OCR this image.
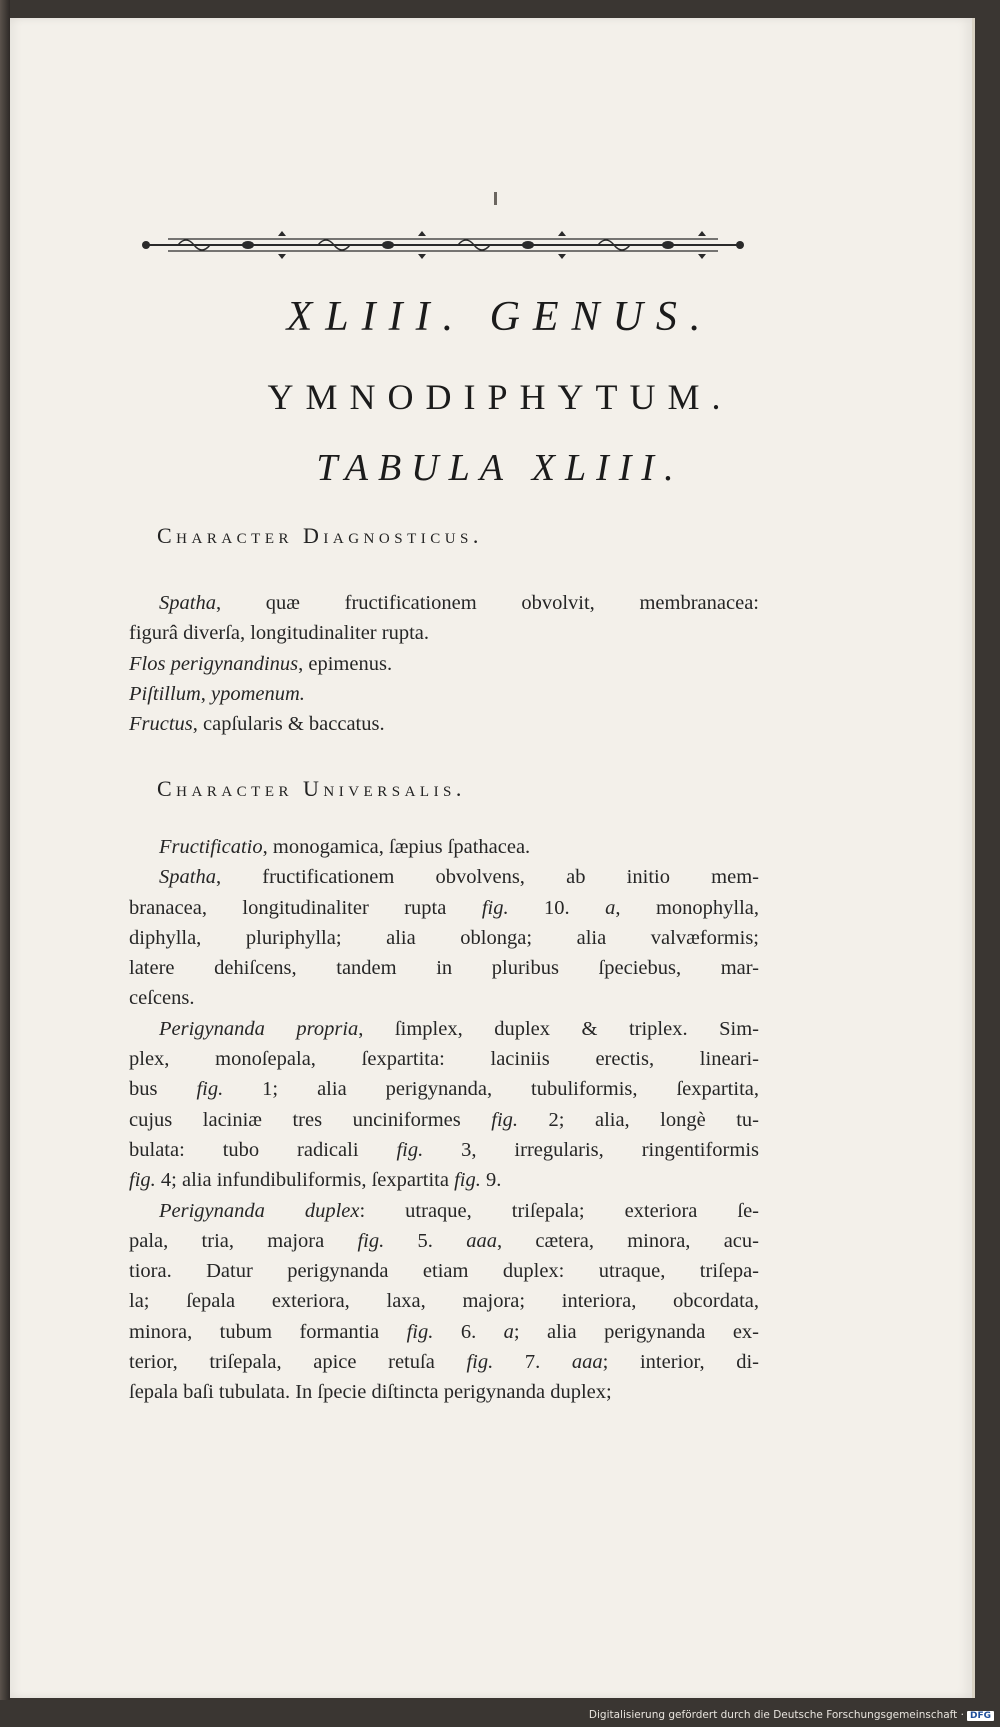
XLIII. GENUS.
YMNODIPHYTUM.
TABULA XLIII.
Character Diagnosticus.
Spatha, quæ fructificationem obvolvit, membranacea:
figurâ diverſa, longitudinaliter rupta.
Flos perigynandinus, epimenus.
Piſtillum, ypomenum.
Fructus, capſularis & baccatus.
Character Universalis.
Fructificatio, monogamica, ſæpius ſpathacea.
Spatha, fructificationem obvolvens, ab initio mem-
branacea, longitudinaliter rupta fig. 10. a, monophylla,
diphylla, pluriphylla; alia oblonga; alia valvæformis;
latere dehiſcens, tandem in pluribus ſpeciebus, mar-
ceſcens.
Perigynanda propria, ſimplex, duplex & triplex. Sim-
plex, monoſepala, ſexpartita: laciniis erectis, lineari-
bus fig. 1; alia perigynanda, tubuliformis, ſexpartita,
cujus laciniæ tres unciniformes fig. 2; alia, longè tu-
bulata: tubo radicali fig. 3, irregularis, ringentiformis
fig. 4; alia infundibuliformis, ſexpartita fig. 9.
Perigynanda duplex: utraque, triſepala; exteriora ſe-
pala, tria, majora fig. 5. aaa, cætera, minora, acu-
tiora. Datur perigynanda etiam duplex: utraque, triſepa-
la; ſepala exteriora, laxa, majora; interiora, obcordata,
minora, tubum formantia fig. 6. a; alia perigynanda ex-
terior, triſepala, apice retuſa fig. 7. aaa; interior, di-
ſepala baſi tubulata. In ſpecie diſtincta perigynanda duplex;
Digitalisierung gefördert durch die Deutsche Forschungsgemeinschaft · DFG
